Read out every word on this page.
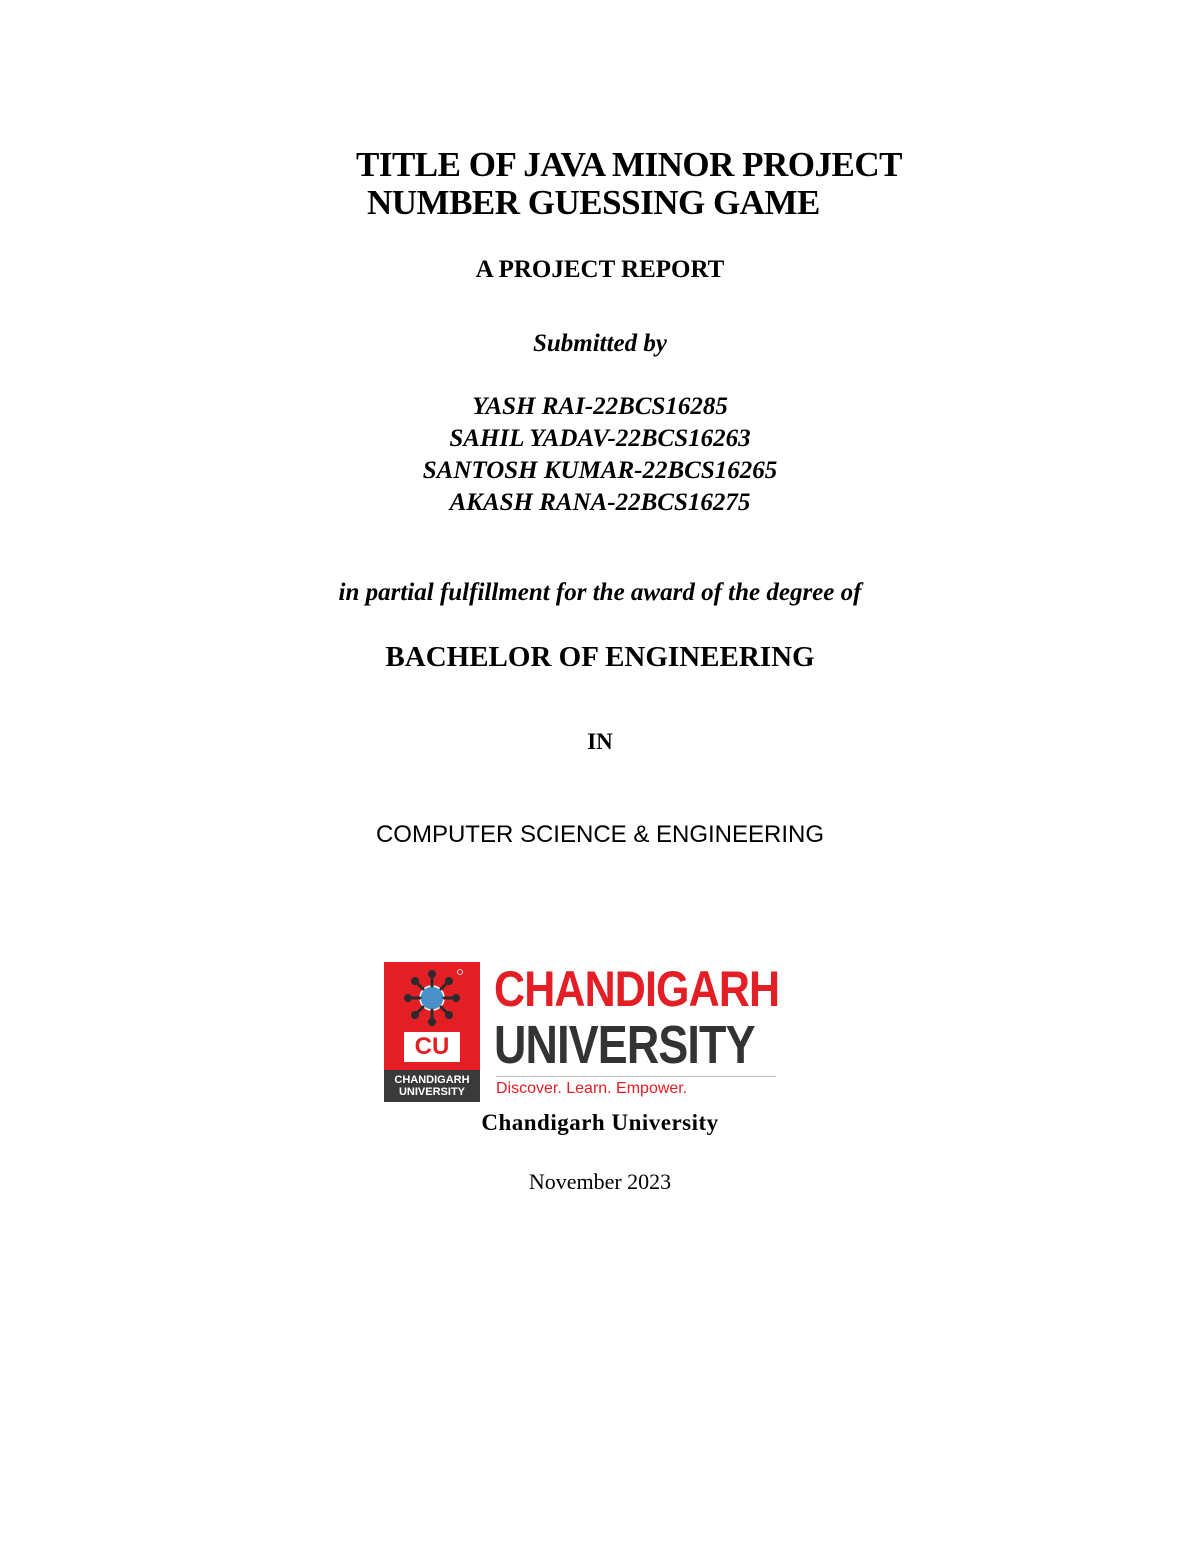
TITLE OF JAVA MINOR PROJECT
NUMBER GUESSING GAME
A PROJECT REPORT
Submitted by
YASH RAI-22BCS16285
SAHIL YADAV-22BCS16263
SANTOSH KUMAR-22BCS16265
AKASH RANA-22BCS16275
in partial fulfillment for the award of the degree of
BACHELOR OF ENGINEERING
IN
COMPUTER SCIENCE & ENGINEERING
CU
CHANDIGARH
UNIVERSITY
CHANDIGARH
UNIVERSITY
Discover. Learn. Empower.
Chandigarh University
November 2023
